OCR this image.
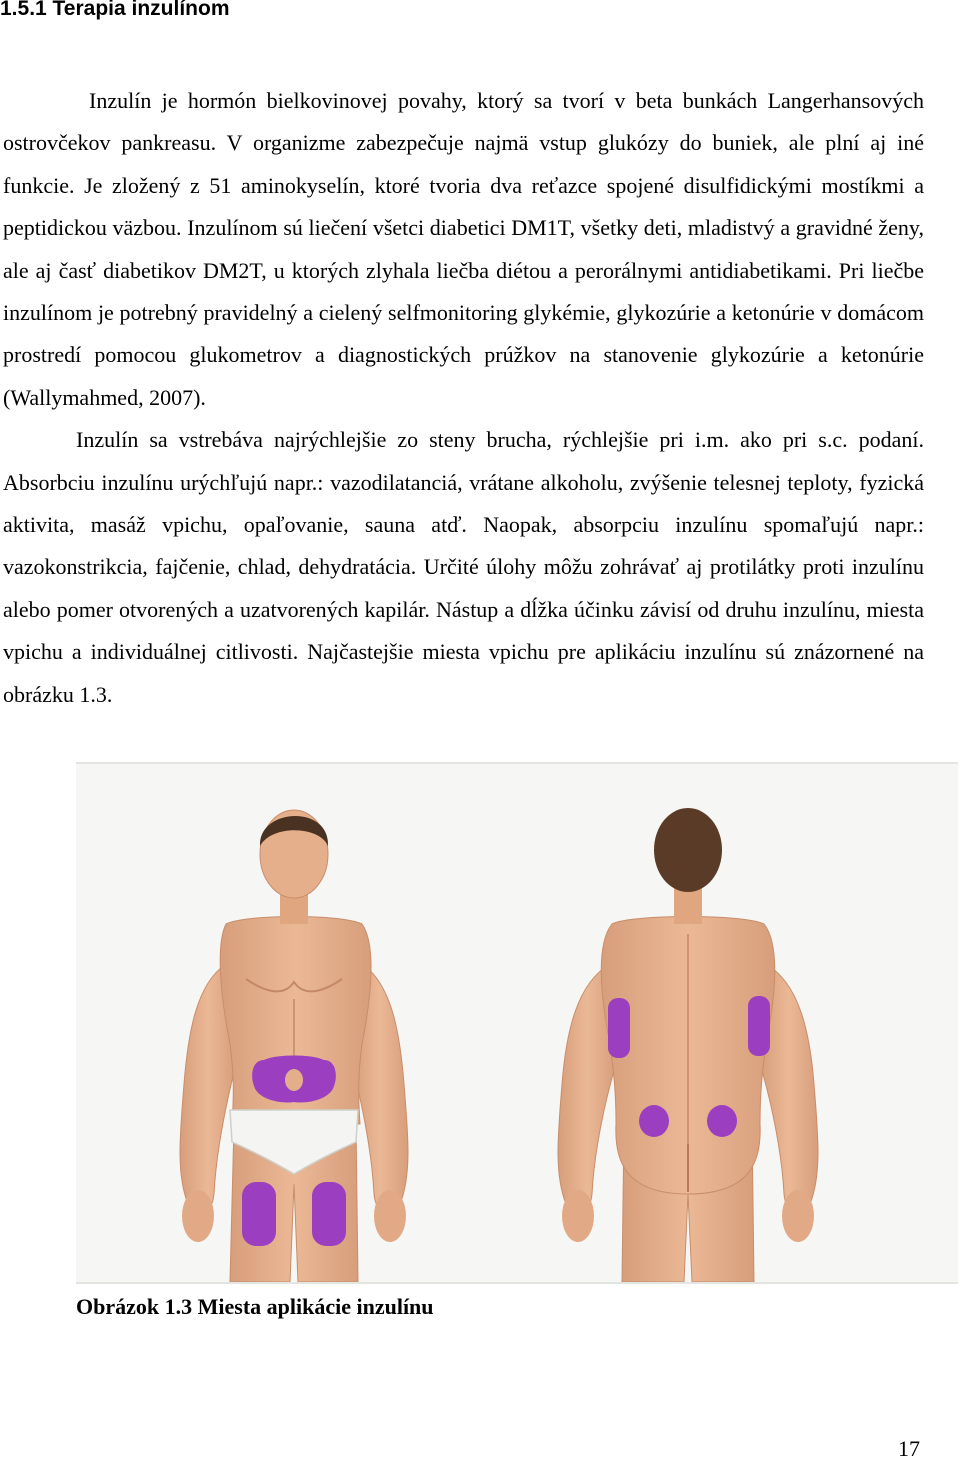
1.5.1 Terapia inzulínom

Inzulín je hormón bielkovinovej povahy, ktorý sa tvorí v beta bunkách Langerhansových ostrovčekov pankreasu. V organizme zabezpečuje najmä vstup glukózy do buniek, ale plní aj iné funkcie. Je zložený z 51 aminokyselín, ktoré tvoria dva reťazce spojené disulfidickými mostíkmi a peptidickou väzbou. Inzulínom sú liečení všetci diabetici DM1T, všetky deti, mladistvý a gravidné ženy, ale aj časť diabetikov DM2T, u ktorých zlyhala liečba diétou a perorálnymi antidiabetikami. Pri liečbe inzulínom je potrebný pravidelný a cielený selfmonitoring glykémie, glykozúrie a ketonúrie v domácom prostredí pomocou glukometrov a diagnostických prúžkov na stanovenie glykozúrie a ketonúrie (Wallymahmed, 2007).

Inzulín sa vstrebáva najrýchlejšie zo steny brucha, rýchlejšie pri i.m. ako pri s.c. podaní. Absorbciu inzulínu urýchľujú napr.: vazodilatanciá, vrátane alkoholu, zvýšenie telesnej teploty, fyzická aktivita, masáž vpichu, opaľovanie, sauna atď. Naopak, absorpciu inzulínu spomaľujú napr.: vazokonstrikcia, fajčenie, chlad, dehydratácia. Určité úlohy môžu zohrávať aj protilátky proti inzulínu alebo pomer otvorených a uzatvorených kapilár. Nástup a dĺžka účinku závisí od druhu inzulínu, miesta vpichu a individuálnej citlivosti. Najčastejšie miesta vpichu pre aplikáciu inzulínu sú znázornené na obrázku 1.3.

Obrázok 1.3 Miesta aplikácie inzulínu

17
